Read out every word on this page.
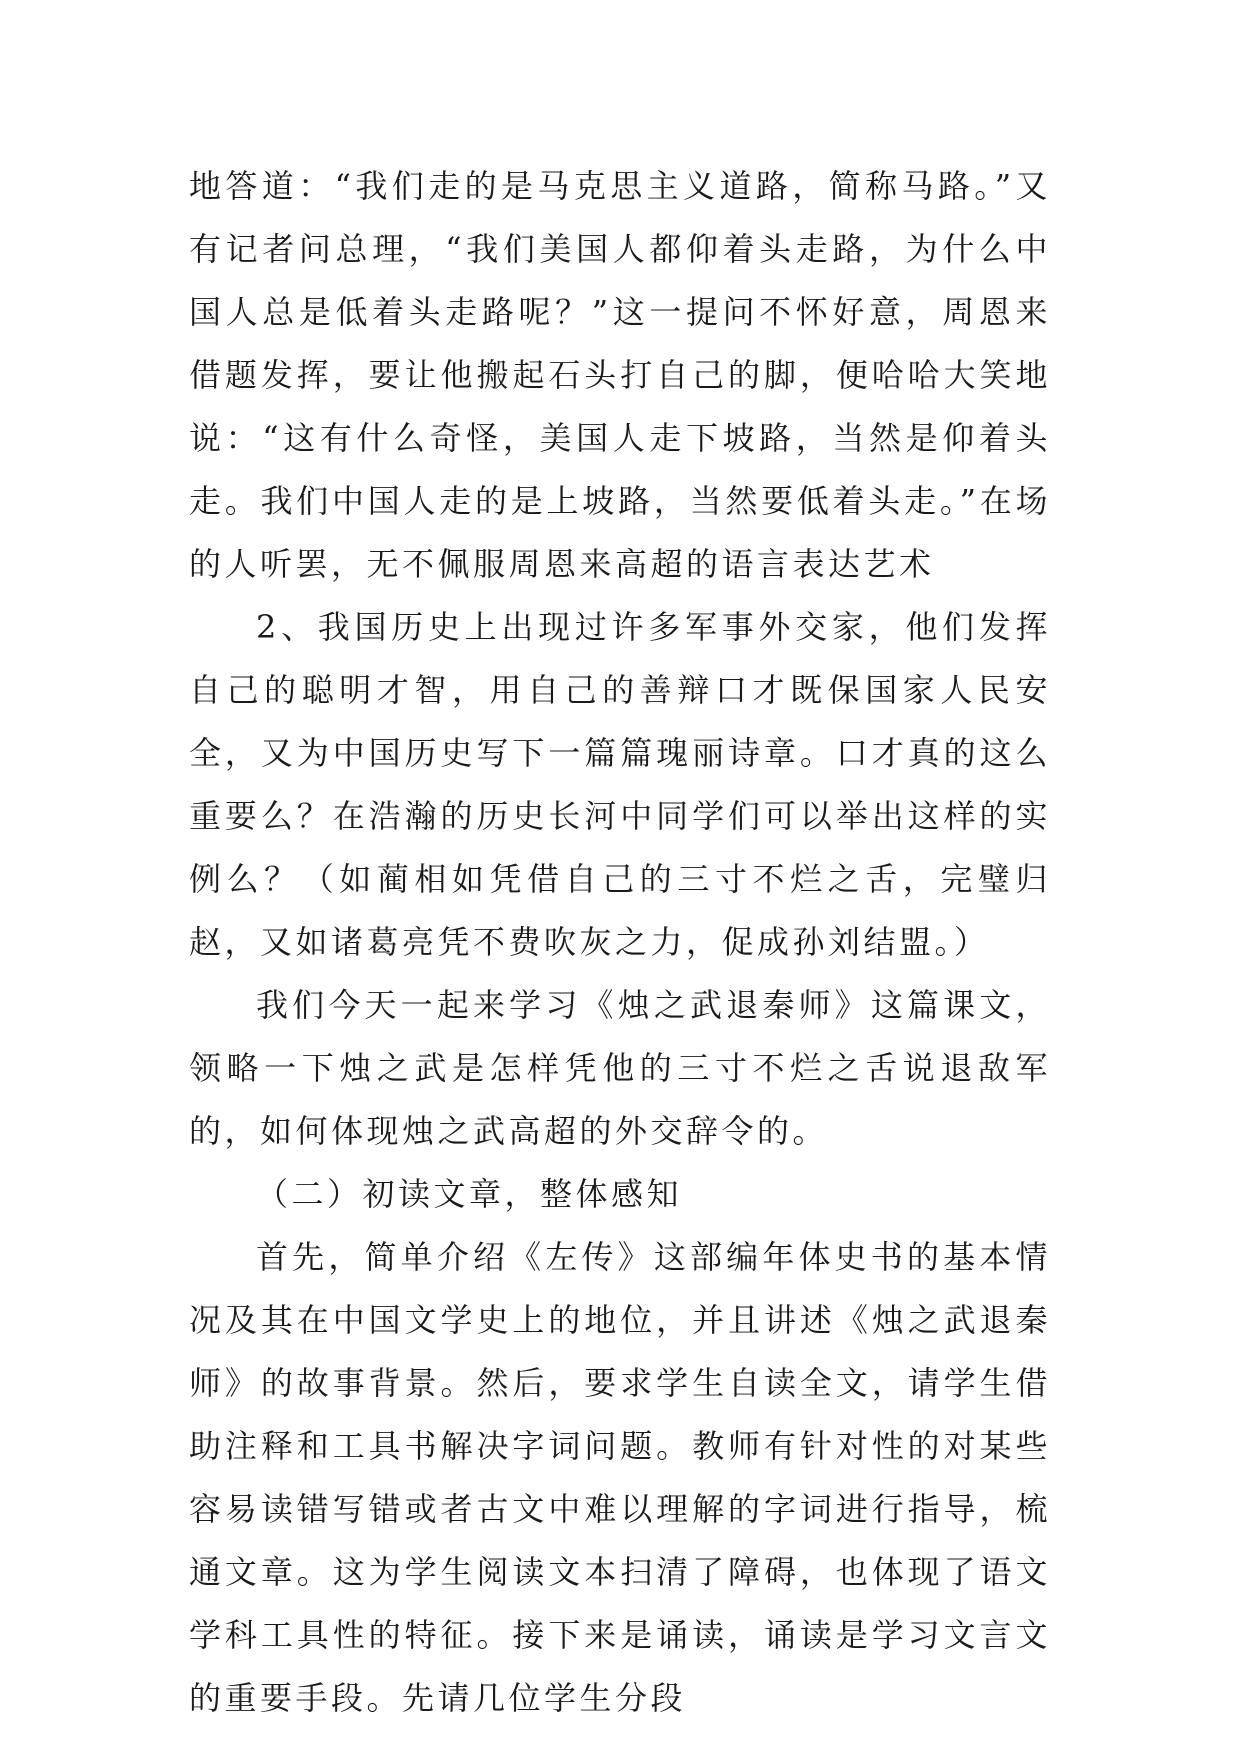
地答道：“我们走的是马克思主义道路，简称马路。”又有记者问总理，“我们美国人都仰着头走路，为什么中国人总是低着头走路呢？”这一提问不怀好意，周恩来借题发挥，要让他搬起石头打自己的脚，便哈哈大笑地说：“这有什么奇怪，美国人走下坡路，当然是仰着头走。我们中国人走的是上坡路，当然要低着头走。”在场的人听罢，无不佩服周恩来高超的语言表达艺术

2、我国历史上出现过许多军事外交家，他们发挥自己的聪明才智，用自己的善辩口才既保国家人民安全，又为中国历史写下一篇篇瑰丽诗章。口才真的这么重要么？在浩瀚的历史长河中同学们可以举出这样的实例么？（如蔺相如凭借自己的三寸不烂之舌，完璧归赵，又如诸葛亮凭不费吹灰之力，促成孙刘结盟。）

我们今天一起来学习《烛之武退秦师》这篇课文，领略一下烛之武是怎样凭他的三寸不烂之舌说退敌军的，如何体现烛之武高超的外交辞令的。

（二）初读文章，整体感知

首先，简单介绍《左传》这部编年体史书的基本情况及其在中国文学史上的地位，并且讲述《烛之武退秦师》的故事背景。然后，要求学生自读全文，请学生借助注释和工具书解决字词问题。教师有针对性的对某些容易读错写错或者古文中难以理解的字词进行指导，梳通文章。这为学生阅读文本扫清了障碍，也体现了语文学科工具性的特征。接下来是诵读，诵读是学习文言文的重要手段。先请几位学生分段
